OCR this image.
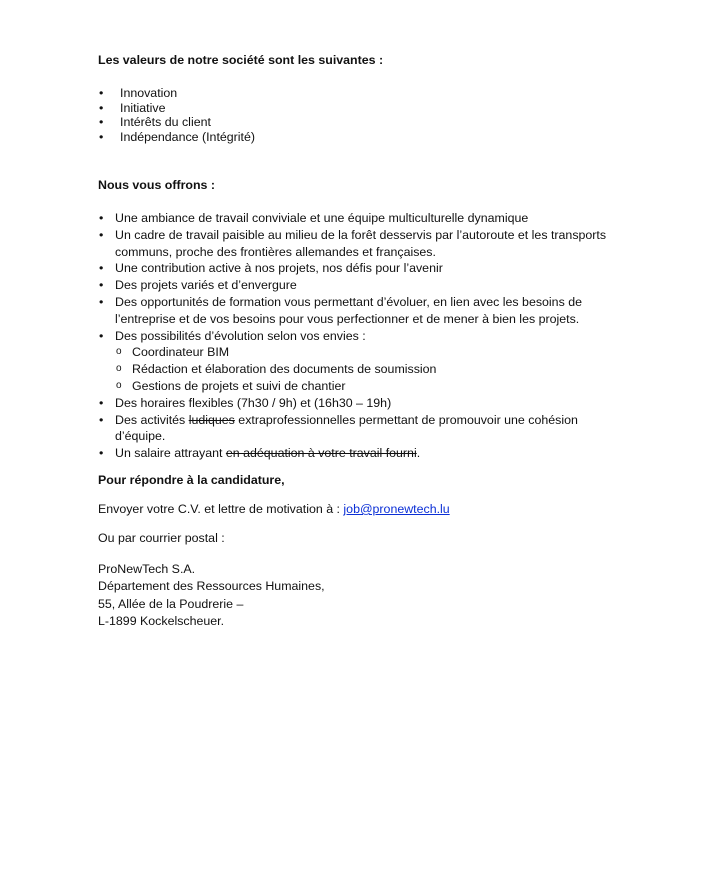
Les valeurs de notre société sont les suivantes :

• Innovation
• Initiative
• Intérêts du client
• Indépendance (Intégrité)

Nous vous offrons :

• Une ambiance de travail conviviale et une équipe multiculturelle dynamique
• Un cadre de travail paisible au milieu de la forêt desservis par l’autoroute et les transports communs, proche des frontières allemandes et françaises.
• Une contribution active à nos projets, nos défis pour l’avenir
• Des projets variés et d’envergure
• Des opportunités de formation vous permettant d’évoluer, en lien avec les besoins de l’entreprise et de vos besoins pour vous perfectionner et de mener à bien les projets.
• Des possibilités d’évolution selon vos envies :
o Coordinateur BIM
o Rédaction et élaboration des documents de soumission
o Gestions de projets et suivi de chantier
• Des horaires flexibles (7h30 / 9h) et (16h30 – 19h)
• Des activités ludiques extraprofessionnelles permettant de promouvoir une cohésion d’équipe.
• Un salaire attrayant en adéquation à votre travail fourni.

Pour répondre à la candidature,

Envoyer votre C.V. et lettre de motivation à : job@pronewtech.lu

Ou par courrier postal :

ProNewTech S.A.
Département des Ressources Humaines,
55, Allée de la Poudrerie –
L-1899 Kockelscheuer.
